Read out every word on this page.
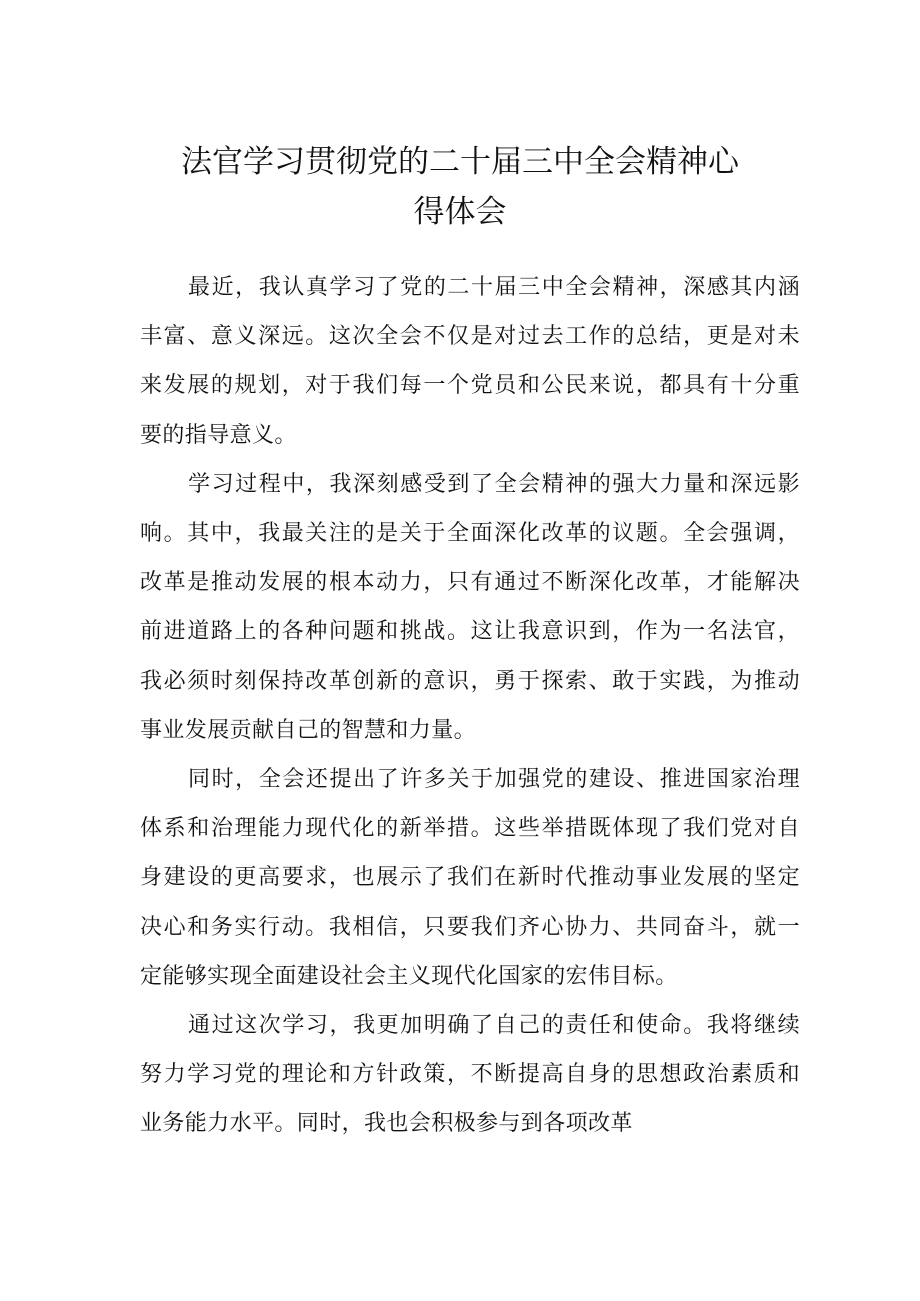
法官学习贯彻党的二十届三中全会精神心
得体会

最近，我认真学习了党的二十届三中全会精神，深感其内涵
丰富、意义深远。这次全会不仅是对过去工作的总结，更是对未
来发展的规划，对于我们每一个党员和公民来说，都具有十分重
要的指导意义。

学习过程中，我深刻感受到了全会精神的强大力量和深远影
响。其中，我最关注的是关于全面深化改革的议题。全会强调，
改革是推动发展的根本动力，只有通过不断深化改革，才能解决
前进道路上的各种问题和挑战。这让我意识到，作为一名法官，
我必须时刻保持改革创新的意识，勇于探索、敢于实践，为推动
事业发展贡献自己的智慧和力量。

同时，全会还提出了许多关于加强党的建设、推进国家治理
体系和治理能力现代化的新举措。这些举措既体现了我们党对自
身建设的更高要求，也展示了我们在新时代推动事业发展的坚定
决心和务实行动。我相信，只要我们齐心协力、共同奋斗，就一
定能够实现全面建设社会主义现代化国家的宏伟目标。

通过这次学习，我更加明确了自己的责任和使命。我将继续
努力学习党的理论和方针政策，不断提高自身的思想政治素质和
业务能力水平。同时，我也会积极参与到各项改革
